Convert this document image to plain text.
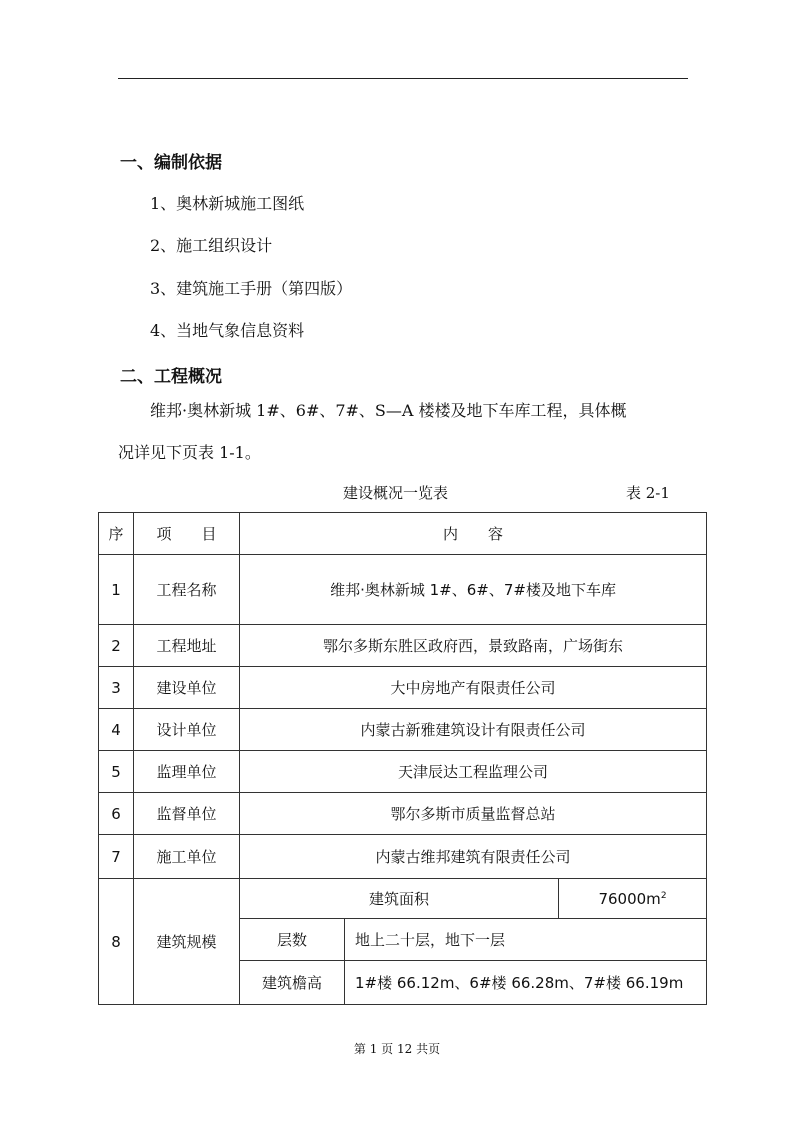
一、编制依据
1、奥林新城施工图纸
2、施工组织设计
3、建筑施工手册（第四版）
4、当地气象信息资料
二、工程概况
维邦·奥林新城 1#、6#、7#、S—A 楼楼及地下车库工程，具体概
况详见下页表 1-1。
建设概况一览表	表 2-1
序	项　　目	内　　容		
1	工程名称	维邦·奥林新城 1#、6#、7#楼及地下车库		
2	工程地址	鄂尔多斯东胜区政府西，景致路南，广场街东		
3	建设单位	大中房地产有限责任公司		
4	设计单位	内蒙古新雅建筑设计有限责任公司		
5	监理单位	天津辰达工程监理公司		
6	监督单位	鄂尔多斯市质量监督总站		
7	施工单位	内蒙古维邦建筑有限责任公司		
8	建筑规模	建筑面积		$76000m^2$
		层数	地上二十层，地下一层	
		建筑檐高	1#楼 66.12m、6#楼 66.28m、7#楼 66.19m	
第 1 页 12 共页
